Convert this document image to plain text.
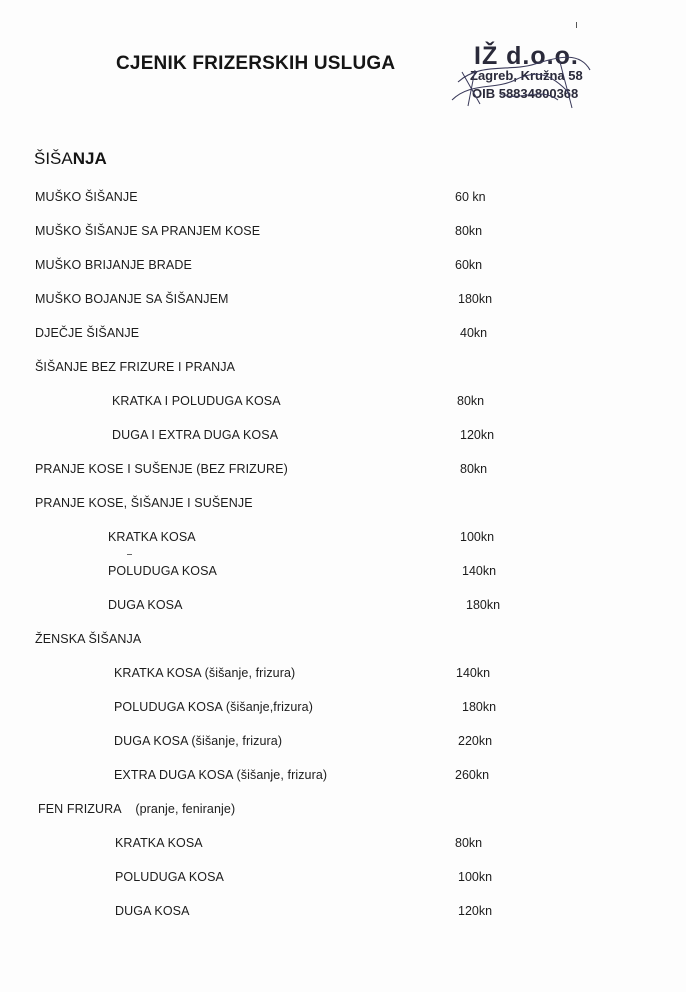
CJENIK FRIZERSKIH USLUGA	IŽ d.o.o.
Zagreb, Kružna 58
OIB 58834800368
ŠIŠANJA
MUŠKO ŠIŠANJE	60 kn
MUŠKO ŠIŠANJE SA PRANJEM KOSE	80kn
MUŠKO BRIJANJE BRADE	60kn
MUŠKO BOJANJE SA ŠIŠANJEM	180kn
DJEČJE ŠIŠANJE	40kn
ŠIŠANJE BEZ FRIZURE I PRANJA
KRATKA I POLUDUGA KOSA	80kn
DUGA I EXTRA DUGA KOSA	120kn
PRANJE KOSE I SUŠENJE (BEZ FRIZURE)	80kn
PRANJE KOSE, ŠIŠANJE I SUŠENJE
KRATKA KOSA	100kn
POLUDUGA KOSA	140kn
DUGA KOSA	180kn
ŽENSKA ŠIŠANJA
KRATKA KOSA (šišanje, frizura)	140kn
POLUDUGA KOSA (šišanje,frizura)	180kn
DUGA KOSA (šišanje, frizura)	220kn
EXTRA DUGA KOSA (šišanje, frizura)	260kn
FEN FRIZURA    (pranje, feniranje)
KRATKA KOSA	80kn
POLUDUGA KOSA	100kn
DUGA KOSA	120kn
